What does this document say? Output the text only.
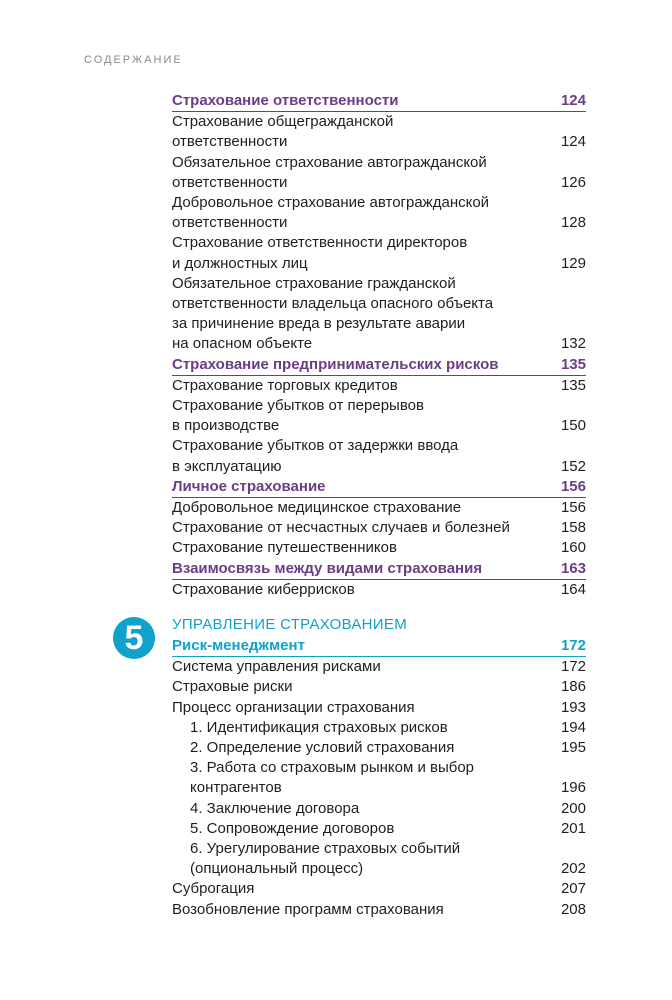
СОДЕРЖАНИЕ
Страхование ответственности	124
Страхование общегражданской
ответственности	124
Обязательное страхование автогражданской
ответственности	126
Добровольное страхование автогражданской
ответственности	128
Страхование ответственности директоров
и должностных лиц	129
Обязательное страхование гражданской
ответственности владельца опасного объекта
за причинение вреда в результате аварии
на опасном объекте	132
Страхование предпринимательских рисков	135
Страхование торговых кредитов	135
Страхование убытков от перерывов
в производстве	150
Страхование убытков от задержки ввода
в эксплуатацию	152
Личное страхование	156
Добровольное медицинское страхование	156
Страхование от несчастных случаев и болезней	158
Страхование путешественников	160
Взаимосвязь между видами страхования	163
Страхование киберрисков	164
5	УПРАВЛЕНИЕ СТРАХОВАНИЕМ
Риск-менеджмент	172
Система управления рисками	172
Страховые риски	186
Процесс организации страхования	193
1. Идентификация страховых рисков	194
2. Определение условий страхования	195
3. Работа со страховым рынком и выбор
контрагентов	196
4. Заключение договора	200
5. Сопровождение договоров	201
6. Урегулирование страховых событий
(опциональный процесс)	202
Суброгация	207
Возобновление программ страхования	208
